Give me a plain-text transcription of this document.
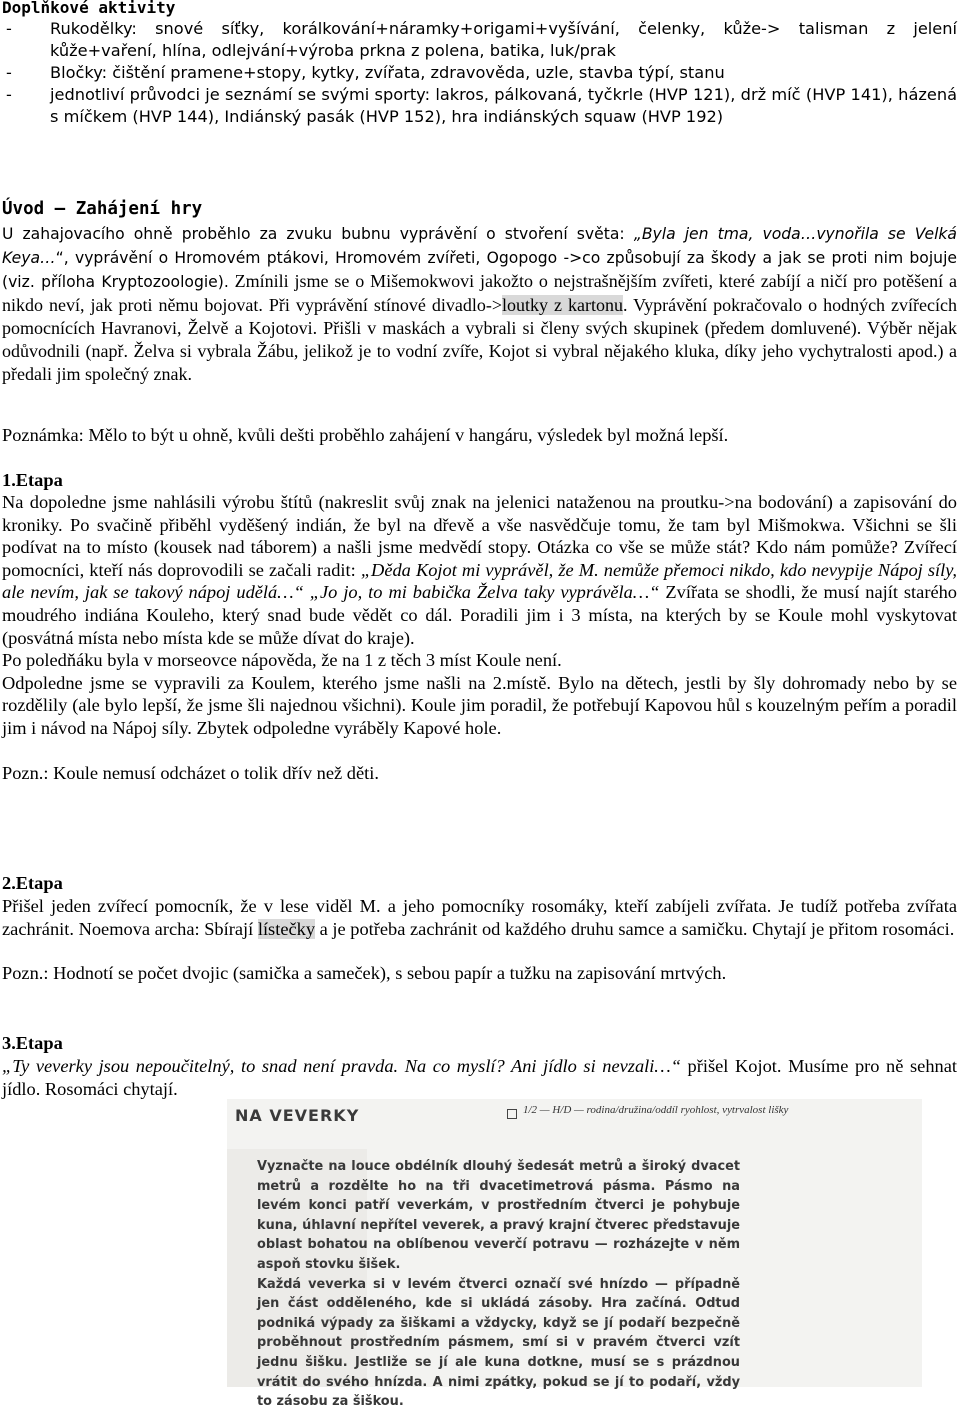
Doplňkové aktivity
- Rukodělky: snové síťky, korálkování+náramky+origami+vyšívání, čelenky, kůže-> talisman z jelení kůže+vaření, hlína, odlejvání+výroba prkna z polena, batika, luk/prak
- Bločky: čištění pramene+stopy, kytky, zvířata, zdravověda, uzle, stavba týpí, stanu
- jednotliví průvodci je seznámí se svými sporty: lakros, pálkovaná, tyčkrle (HVP 121), drž míč (HVP 141), házená s míčkem (HVP 144), Indiánský pasák (HVP 152), hra indiánských squaw (HVP 192)
Úvod – Zahájení hry

U zahajovacího ohně proběhlo za zvuku bubnu vyprávění o stvoření světa: „Byla jen tma, voda…vynořila se Velká Keya…“, vyprávění o Hromovém ptákovi, Hromovém zvířeti, Ogopogo ->co způsobují za škody a jak se proti nim bojuje (viz. příloha Kryptozoologie). Zmínili jsme se o Mišemokwovi jakožto o nejstrašnějším zvířeti, které zabíjí a ničí pro potěšení a nikdo neví, jak proti němu bojovat. Při vyprávění stínové divadlo->loutky z kartonu. Vyprávění pokračovalo o hodných zvířecích pomocnících Havranovi, Želvě a Kojotovi. Přišli v maskách a vybrali si členy svých skupinek (předem domluvené). Výběr nějak odůvodnili (např. Želva si vybrala Žábu, jelikož je to vodní zvíře, Kojot si vybral nějakého kluka, díky jeho vychytralosti apod.) a předali jim společný znak.

Poznámka: Mělo to být u ohně, kvůli dešti proběhlo zahájení v hangáru, výsledek byl možná lepší.

1.Etapa

Na dopoledne jsme nahlásili výrobu štítů (nakreslit svůj znak na jelenici nataženou na proutku->na bodování) a zapisování do kroniky. Po svačině přiběhl vyděšený indián, že byl na dřevě a vše nasvědčuje tomu, že tam byl Mišmokwa. Všichni se šli podívat na to místo (kousek nad táborem) a našli jsme medvědí stopy. Otázka co vše se může stát? Kdo nám pomůže? Zvířecí pomocníci, kteří nás doprovodili se začali radit: „Děda Kojot mi vyprávěl, že M. nemůže přemoci nikdo, kdo nevypije Nápoj síly, ale nevím, jak se takový nápoj udělá…“ „Jo jo, to mi babička Želva taky vyprávěla…“ Zvířata se shodli, že musí najít starého moudrého indiána Kouleho, který snad bude vědět co dál. Poradili jim i 3 místa, na kterých by se Koule mohl vyskytovat (posvátná místa nebo místa kde se může dívat do kraje).

Po poledňáku byla v morseovce nápověda, že na 1 z těch 3 míst Koule není.

Odpoledne jsme se vypravili za Koulem, kterého jsme našli na 2.místě. Bylo na dětech, jestli by šly dohromady nebo by se rozdělily (ale bylo lepší, že jsme šli najednou všichni). Koule jim poradil, že potřebují Kapovou hůl s kouzelným peřím a poradil jim i návod na Nápoj síly. Zbytek odpoledne vyráběly Kapové hole.

Pozn.: Koule nemusí odcházet o tolik dřív než děti.

2.Etapa

Přišel jeden zvířecí pomocník, že v lese viděl M. a jeho pomocníky rosomáky, kteří zabíjeli zvířata. Je tudíž potřeba zvířata zachránit. Noemova archa: Sbírají lístečky a je potřeba zachránit od každého druhu samce a samičku. Chytají je přitom rosomáci.

Pozn.: Hodnotí se počet dvojic (samička a sameček), s sebou papír a tužku na zapisování mrtvých.

3.Etapa

„Ty veverky jsou nepoučitelný, to snad není pravda. Na co myslí? Ani jídlo si nevzali…“ přišel Kojot. Musíme pro ně sehnat jídlo. Rosomáci chytají.

NA VEVERKY	1/2 — H/D — rodina/družina/oddíl ryohlost, vytrvalost lišky
Vyznačte na louce obdélník dlouhý šedesát metrů a široký dvacet metrů a rozdělte ho na tři dvacetimetrová pásma. Pásmo na levém konci patří veverkám, v prostředním čtverci je pohybuje kuna, úhlavní nepřítel veverek, a pravý krajní čtverec představuje oblast bohatou na oblíbenou veverčí potravu — rozházejte v něm aspoň stovku šišek.
Každá veverka si v levém čtverci označí své hnízdo — případně jen část odděleného, kde si ukládá zásoby. Hra začíná. Odtud podniká výpady za šiškami a vždycky, když se jí podaří bezpečně proběhnout prostředním pásmem, smí si v pravém čtverci vzít jednu šišku. Jestliže se jí ale kuna dotkne, musí se s prázdnou vrátit do svého hnízda. A nimi zpátky, pokud se jí to podaří, vždy to zásobu za šiškou.
